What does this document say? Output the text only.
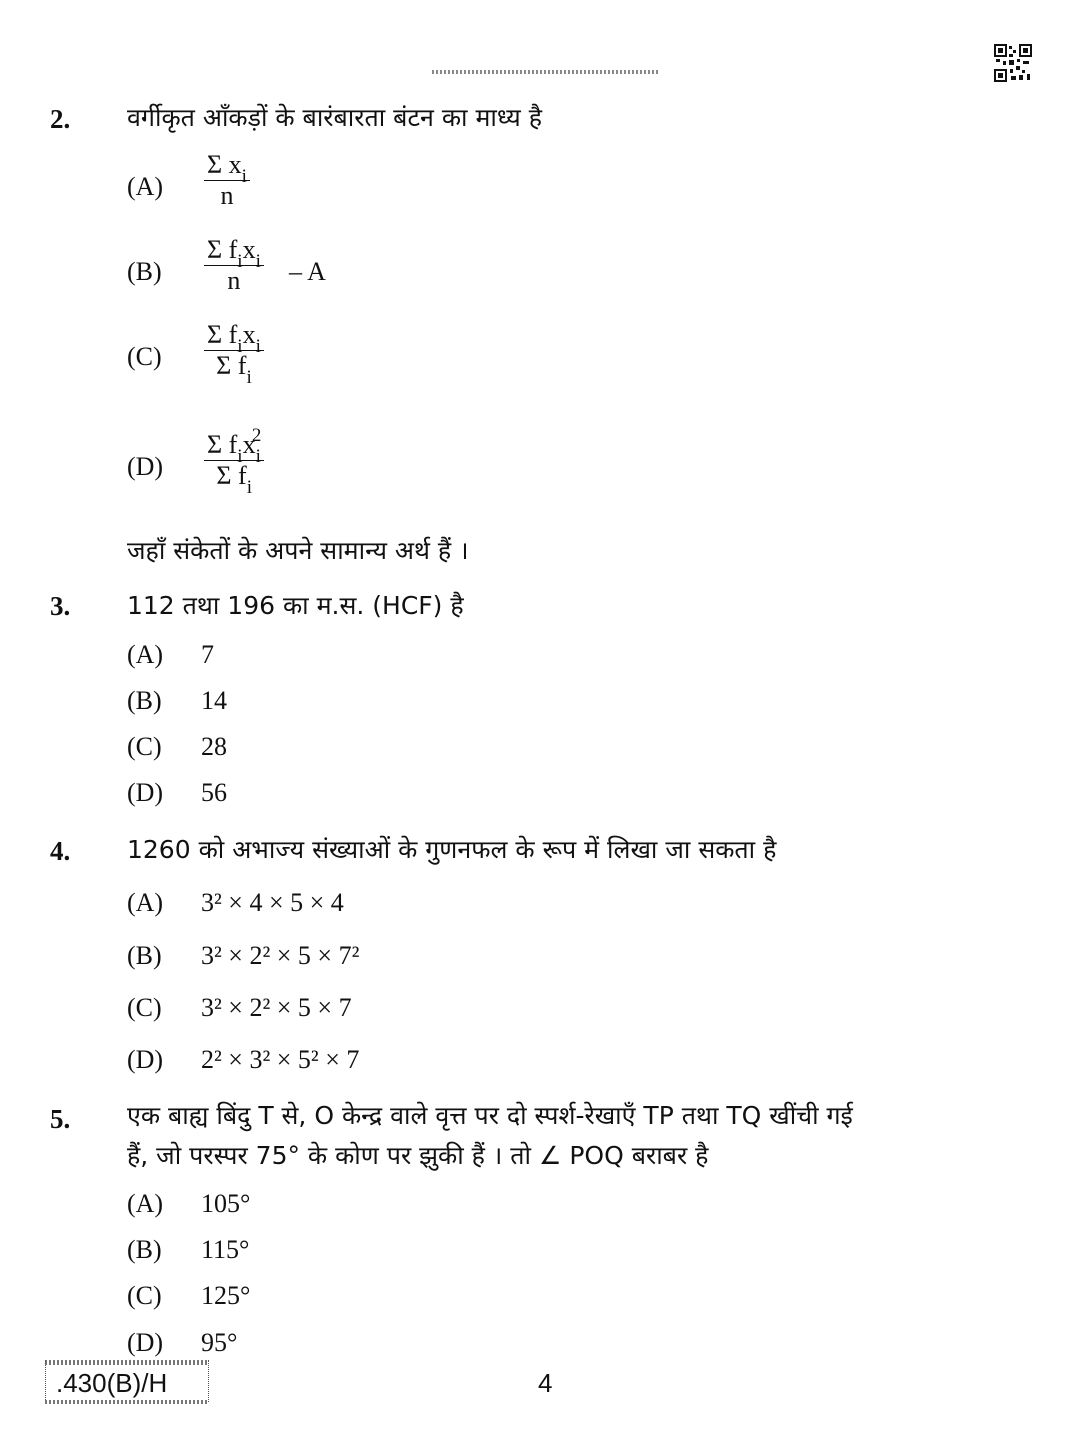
2. वर्गीकृत आँकड़ों के बारंबारता बंटन का माध्य है
$(A) \frac{\Sigma x_i}{n}$
(B)
Σ $f_ix_i$
n	– A
(C)
Σ $f_ix_i$
Σ $f_i$
(D)
Σ $f_ix_i^2$
Σ $f_i$
जहाँ संकेतों के अपने सामान्य अर्थ हैं ।
3. 112 तथा 196 का म.स. (HCF) है
(A) 7
(B) 14
(C) 28
(D) 56
4. 1260 को अभाज्य संख्याओं के गुणनफल के रूप में लिखा जा सकता है
(A) 3² × 4 × 5 × 4
(B) 3² × 2² × 5 × 7²
(C) 3² × 2² × 5 × 7
(D) 2² × 3² × 5² × 7
5. एक बाह्य बिंदु T से, O केन्द्र वाले वृत्त पर दो स्पर्श-रेखाएँ TP तथा TQ खींची गई
हैं, जो परस्पर 75° के कोण पर झुकी हैं । तो ∠ POQ बराबर है
(A) 105°
(B) 115°
(C) 125°
(D) 95°
.430(B)/H	4
